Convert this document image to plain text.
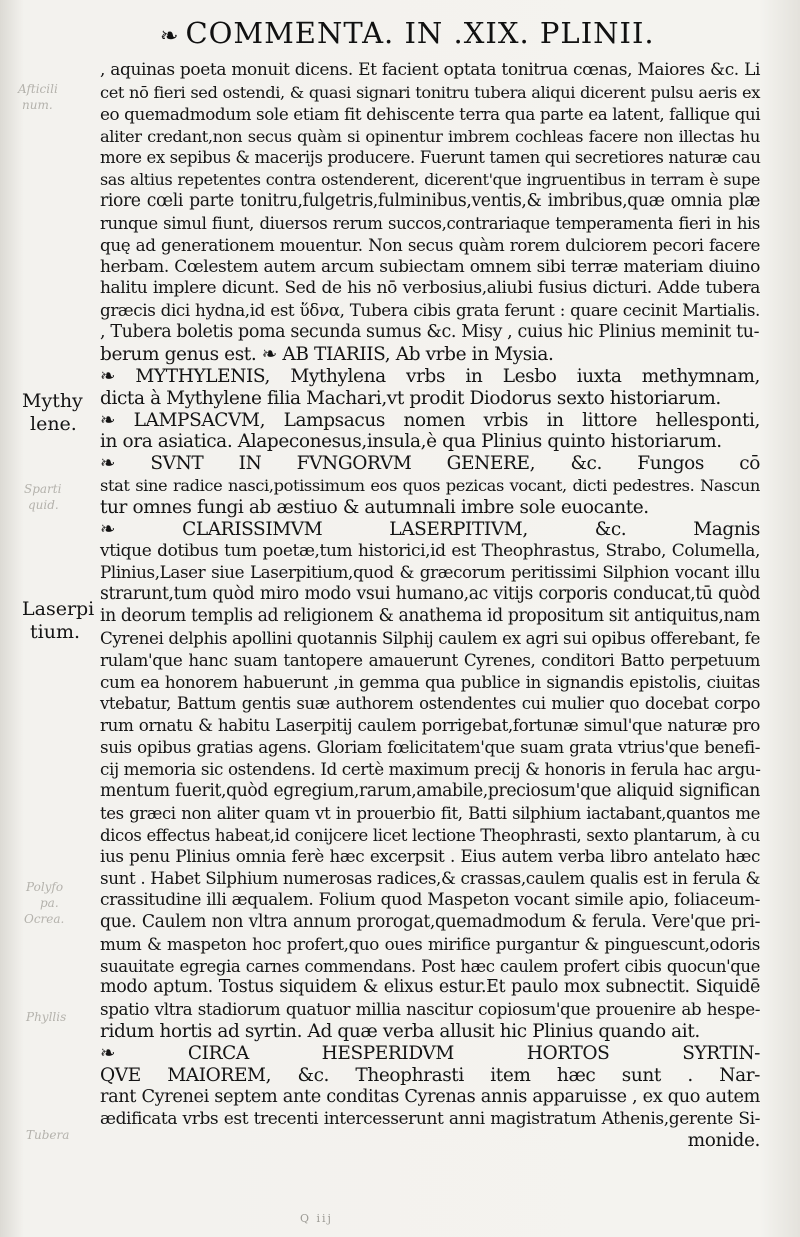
Afticili
num.
Sparti
quid.
Polyfo
pa.
Ocrea.
Phyllis
Tubera
❧ COMMENTA. IN .XIX. PLINII.
Mythy
lene.
Laserpi
tium.
, aquinas poeta monuit dicens. Et facient optata tonitrua cœnas, Maiores &c. Li
cet nō fieri sed ostendi, & quasi signari tonitru tubera aliqui dicerent pulsu aeris ex
eo quemadmodum sole etiam fit dehiscente terra qua parte ea latent, fallique qui
aliter credant,non secus quàm si opinentur imbrem cochleas facere non illectas hu
more ex sepibus & macerijs producere. Fuerunt tamen qui secretiores naturæ cau
sas altius repetentes contra ostenderent, dicerent'que ingruentibus in terram è supe
riore cœli parte tonitru,fulgetris,fulminibus,ventis,& imbribus,quæ omnia plæ
runque simul fiunt, diuersos rerum succos,contrariaque temperamenta fieri in his
quę ad generationem mouentur. Non secus quàm rorem dulciorem pecori facere
herbam. Cœlestem autem arcum subiectam omnem sibi terræ materiam diuino
halitu implere dicunt. Sed de his nō verbosius,aliubi fusius dicturi. Adde tubera
græcis dici hydna,id est ὕδνα, Tubera cibis grata ferunt : quare cecinit Martialis.
, Tubera boletis poma secunda sumus &c. Misy , cuius hic Plinius meminit tu-
berum genus est. ❧ AB TIARIIS, Ab vrbe in Mysia.
❧ MYTHYLENIS, Mythylena vrbs in Lesbo iuxta methymnam,
dicta à Mythylene filia Machari,vt prodit Diodorus sexto historiarum.
❧ LAMPSACVM, Lampsacus nomen vrbis in littore hellesponti,
in ora asiatica. Alapeconesus,insula,è qua Plinius quinto historiarum.
❧ SVNT IN FVNGORVM GENERE, &c. Fungos cō
stat sine radice nasci,potissimum eos quos pezicas vocant, dicti pedestres. Nascun
tur omnes fungi ab æstiuo & autumnali imbre sole euocante.
❧ CLARISSIMVM LASERPITIVM, &c. Magnis
vtique dotibus tum poetæ,tum historici,id est Theophrastus, Strabo, Columella,
Plinius,Laser siue Laserpitium,quod & græcorum peritissimi Silphion vocant illu
strarunt,tum quòd miro modo vsui humano,ac vitijs corporis conducat,tū quòd
in deorum templis ad religionem & anathema id propositum sit antiquitus,nam
Cyrenei delphis apollini quotannis Silphij caulem ex agri sui opibus offerebant, fe
rulam'que hanc suam tantopere amauerunt Cyrenes, conditori Batto perpetuum
cum ea honorem habuerunt ,in gemma qua publice in signandis epistolis, ciuitas
vtebatur, Battum gentis suæ authorem ostendentes cui mulier quo docebat corpo
rum ornatu & habitu Laserpitij caulem porrigebat,fortunæ simul'que naturæ pro
suis opibus gratias agens. Gloriam fœlicitatem'que suam grata vtrius'que benefi-
cij memoria sic ostendens. Id certè maximum precij & honoris in ferula hac argu-
mentum fuerit,quòd egregium,rarum,amabile,preciosum'que aliquid significan
tes græci non aliter quam vt in prouerbio fit, Batti silphium iactabant,quantos me
dicos effectus habeat,id conijcere licet lectione Theophrasti, sexto plantarum, à cu
ius penu Plinius omnia ferè hæc excerpsit . Eius autem verba libro antelato hæc
sunt . Habet Silphium numerosas radices,& crassas,caulem qualis est in ferula &
crassitudine illi æqualem. Folium quod Maspeton vocant simile apio, foliaceum-
que. Caulem non vltra annum prorogat,quemadmodum & ferula. Vere'que pri-
mum & maspeton hoc profert,quo oues mirifice purgantur & pinguescunt,odoris
suauitate egregia carnes commendans. Post hæc caulem profert cibis quocun'que
modo aptum. Tostus siquidem & elixus estur.Et paulo mox subnectit. Siquidē
spatio vltra stadiorum quatuor millia nascitur copiosum'que prouenire ab hespe-
ridum hortis ad syrtin. Ad quæ verba allusit hic Plinius quando ait.
❧ CIRCA HESPERIDVM HORTOS SYRTIN-
QVE MAIOREM, &c. Theophrasti item hæc sunt . Nar-
rant Cyrenei septem ante conditas Cyrenas annis apparuisse , ex quo autem
ædificata vrbs est trecenti intercesserunt anni magistratum Athenis,gerente Si-
monide.
Q iij
